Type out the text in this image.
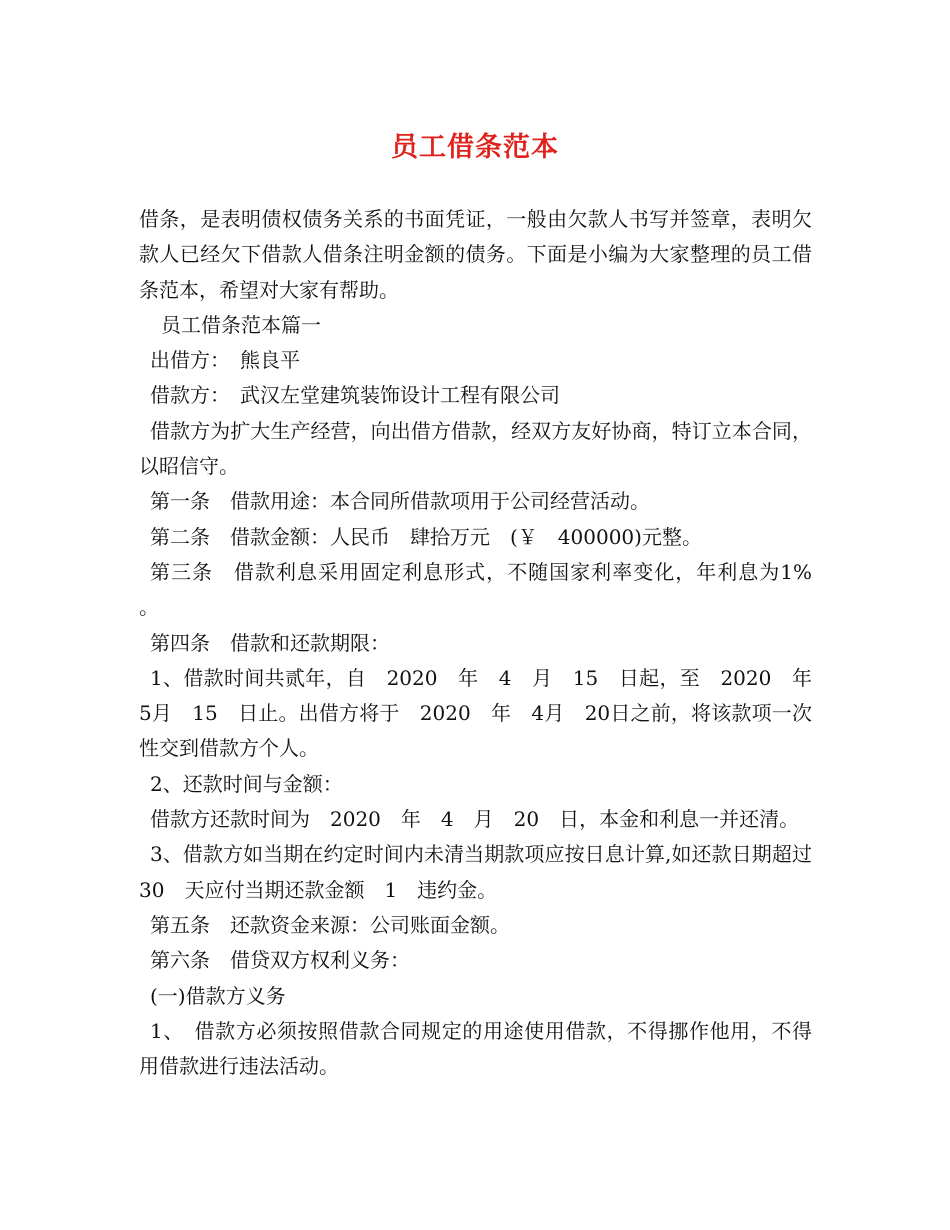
员工借条范本

借条，是表明债权债务关系的书面凭证，一般由欠款人书写并签章，表明欠款人已经欠下借款人借条注明金额的债务。下面是小编为大家整理的员工借条范本，希望对大家有帮助。

员工借条范本篇一

出借方：　熊良平

借款方：　武汉左堂建筑装饰设计工程有限公司

借款方为扩大生产经营，向出借方借款，经双方友好协商，特订立本合同，以昭信守。

第一条　借款用途：本合同所借款项用于公司经营活动。

第二条　借款金额：人民币　肆拾万元　(￥　400000)元整。

第三条　借款利息采用固定利息形式，不随国家利率变化，年利息为1%　。

第四条　借款和还款期限：

1、借款时间共贰年，自　2020　年　4　月　15　日起，至　2020　年　5月　15　日止。出借方将于　2020　年　4月　20日之前，将该款项一次性交到借款方个人。

2、还款时间与金额：

借款方还款时间为　2020　年　4　月　20　日，本金和利息一并还清。

3、借款方如当期在约定时间内未清当期款项应按日息计算,如还款日期超过　30　天应付当期还款金额　1　违约金。

第五条　还款资金来源：公司账面金额。

第六条　借贷双方权利义务：

(一)借款方义务

1、　借款方必须按照借款合同规定的用途使用借款，不得挪作他用，不得用借款进行违法活动。
